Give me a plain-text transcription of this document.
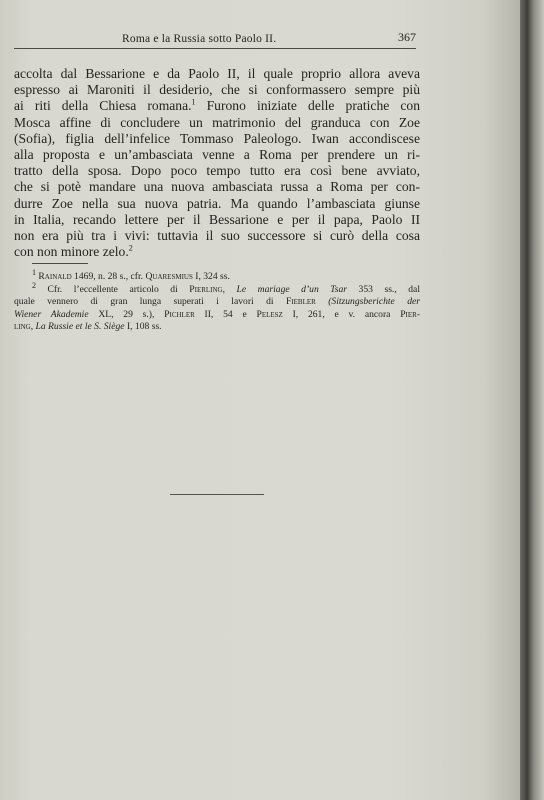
Roma e la Russia sotto Paolo II.	367
accolta dal Bessarione e da Paolo II, il quale proprio allora aveva
espresso ai Maroniti il desiderio, che si conformassero sempre più
ai riti della Chiesa romana.$^1$ Furono iniziate delle pratiche con
Mosca affine di concludere un matrimonio del granduca con Zoe
(Sofia), figlia dell’infelice Tommaso Paleologo. Iwan accondiscese
alla proposta e un’ambasciata venne a Roma per prendere un ri-
tratto della sposa. Dopo poco tempo tutto era così bene avviato,
che si potè mandare una nuova ambasciata russa a Roma per con-
durre Zoe nella sua nuova patria. Ma quando l’ambasciata giunse
in Italia, recando lettere per il Bessarione e per il papa, Paolo II
non era più tra i vivi: tuttavia il suo successore si curò della cosa
con non minore zelo.$^2$
$^1$ Rainald 1469, n. 28 s., cfr. Quaresmius I, 324 ss.
$^2$ Cfr. l’eccellente articolo di Pierling, Le mariage d’un Tsar 353 ss., dal
quale vennero di gran lunga superati i lavori di Fiebler (Sitzungsberichte der
Wiener Akademie XL, 29 s.), Pichler II, 54 e Pelesz I, 261, e v. ancora Pier-
ling, La Russie et le S. Siège I, 108 ss.
